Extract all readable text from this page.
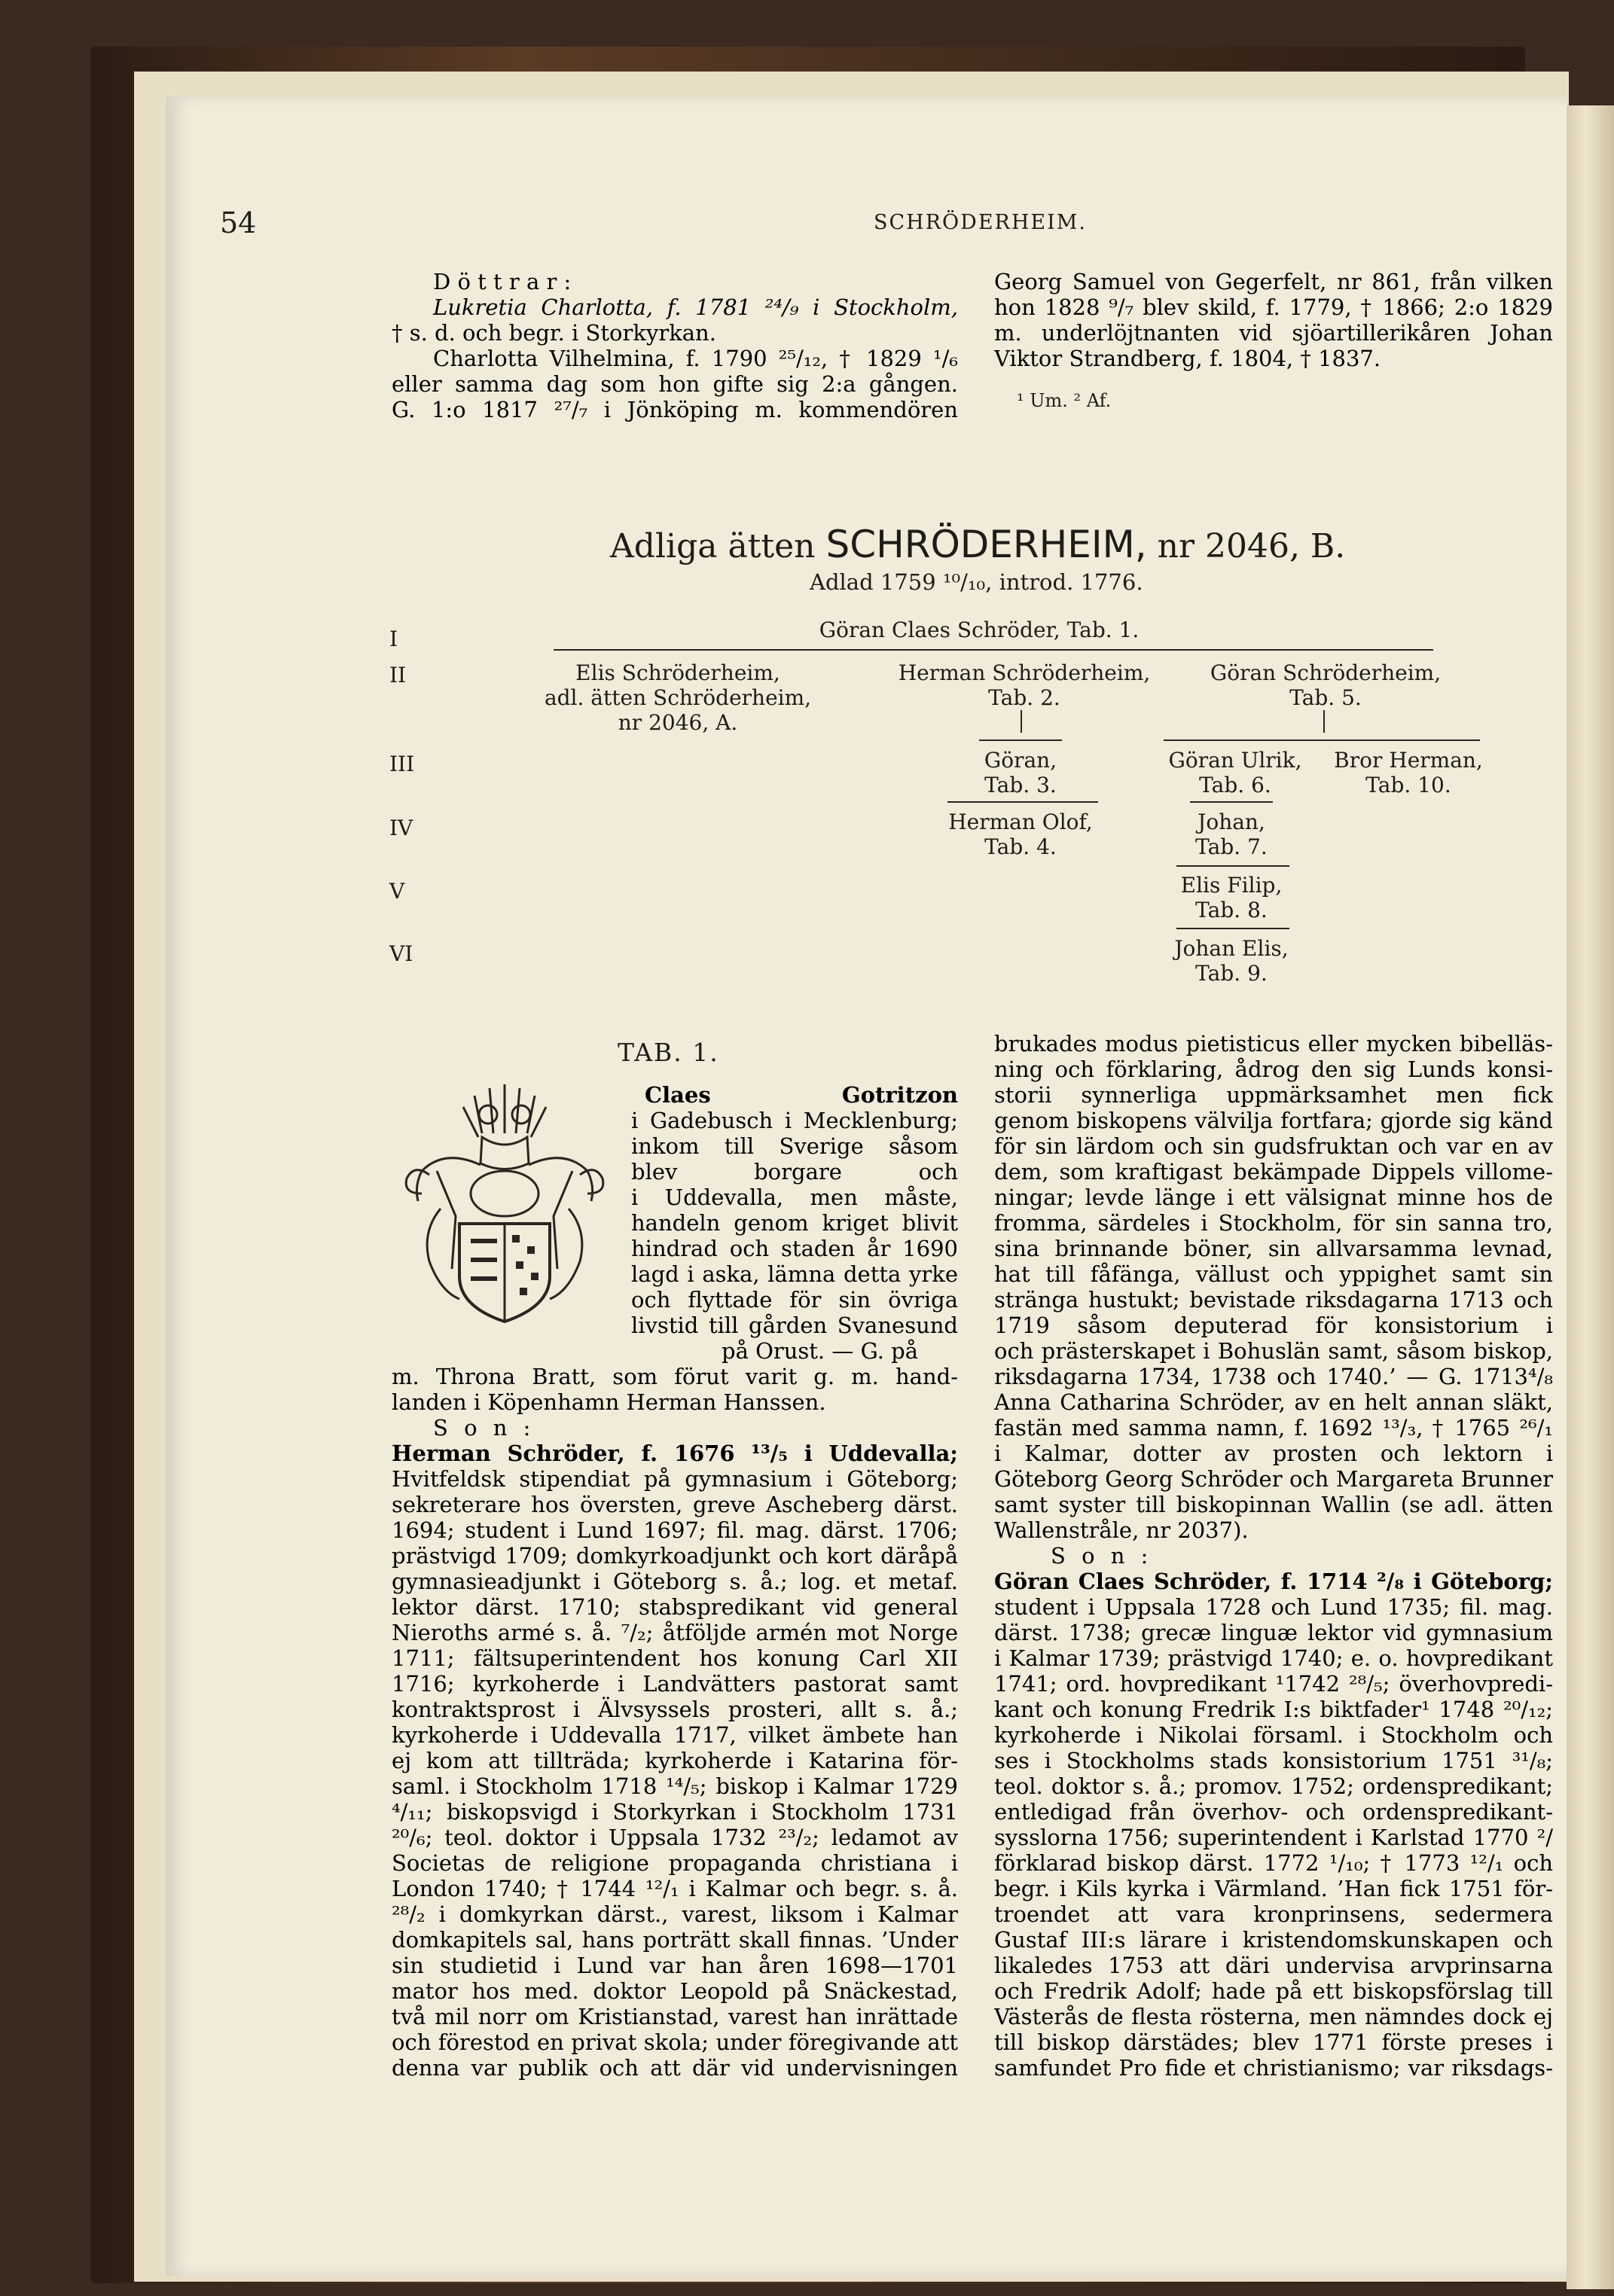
54	SCHRÖDERHEIM.
D ö t t r a r :
Lukretia Charlotta, f. 1781 ²⁴/₉ i Stockholm,
† s. d. och begr. i Storkyrkan.
Charlotta Vilhelmina, f. 1790 ²⁵/₁₂, † 1829 ¹/₆
eller samma dag som hon gifte sig 2:a gången.
G. 1:o 1817 ²⁷/₇ i Jönköping m. kommendören
Georg Samuel von Gegerfelt, nr 861, från vilken
hon 1828 ⁹/₇ blev skild, f. 1779, † 1866; 2:o 1829
m. underlöjtnanten vid sjöartillerikåren Johan
Viktor Strandberg, f. 1804, † 1837.
¹ Um. ² Af.
Adliga ätten SCHRÖDERHEIM, nr 2046, B.
Adlad 1759 ¹⁰/₁₀, introd. 1776.
I
II
III
IV
V
VI
Göran Claes Schröder, Tab. 1.
Elis Schröderheim,
adl. ätten Schröderheim,
nr 2046, A.
Herman Schröderheim,
Tab. 2.
Göran Schröderheim,
Tab. 5.
Göran,
Tab. 3.
Göran Ulrik,
Tab. 6.
Bror Herman,
Tab. 10.
Herman Olof,
Tab. 4.
Johan,
Tab. 7.
Elis Filip,
Tab. 8.
Johan Elis,
Tab. 9.
TAB. 1.
Claes Gotritzon
i Gadebusch i Mecklenburg;
inkom till Sverige såsom
blev borgare och
i Uddevalla, men måste,
handeln genom kriget blivit
hindrad och staden år 1690
lagd i aska, lämna detta yrke
och flyttade för sin övriga
livstid till gården Svanesund
på Orust. — G. på
m. Throna Bratt, som förut varit g. m. hand-
landen i Köpenhamn Herman Hanssen.
S o n :
Herman Schröder, f. 1676 ¹³/₅ i Uddevalla;
Hvitfeldsk stipendiat på gymnasium i Göteborg;
sekreterare hos översten, greve Ascheberg därst.
1694; student i Lund 1697; fil. mag. därst. 1706;
prästvigd 1709; domkyrkoadjunkt och kort däråpå
gymnasieadjunkt i Göteborg s. å.; log. et metaf.
lektor därst. 1710; stabspredikant vid general
Nieroths armé s. å. ⁷/₂; åtföljde armén mot Norge
1711; fältsuperintendent hos konung Carl XII
1716; kyrkoherde i Landvätters pastorat samt
kontraktsprost i Älvsyssels prosteri, allt s. å.;
kyrkoherde i Uddevalla 1717, vilket ämbete han
ej kom att tillträda; kyrkoherde i Katarina för-
saml. i Stockholm 1718 ¹⁴/₅; biskop i Kalmar 1729
⁴/₁₁; biskopsvigd i Storkyrkan i Stockholm 1731
²⁰/₆; teol. doktor i Uppsala 1732 ²³/₂; ledamot av
Societas de religione propaganda christiana i
London 1740; † 1744 ¹²/₁ i Kalmar och begr. s. å.
²⁸/₂ i domkyrkan därst., varest, liksom i Kalmar
domkapitels sal, hans porträtt skall finnas. ’Under
sin studietid i Lund var han åren 1698—1701
mator hos med. doktor Leopold på Snäckestad,
två mil norr om Kristianstad, varest han inrättade
och förestod en privat skola; under föregivande att
denna var publik och att där vid undervisningen
brukades modus pietisticus eller mycken bibelläs-
ning och förklaring, ådrog den sig Lunds konsi-
storii synnerliga uppmärksamhet men fick
genom biskopens välvilja fortfara; gjorde sig känd
för sin lärdom och sin gudsfruktan och var en av
dem, som kraftigast bekämpade Dippels villome-
ningar; levde länge i ett välsignat minne hos de
fromma, särdeles i Stockholm, för sin sanna tro,
sina brinnande böner, sin allvarsamma levnad,
hat till fåfänga, vällust och yppighet samt sin
stränga hustukt; bevistade riksdagarna 1713 och
1719 såsom deputerad för konsistorium i
och prästerskapet i Bohuslän samt, såsom biskop,
riksdagarna 1734, 1738 och 1740.’ — G. 1713⁴/₈
Anna Catharina Schröder, av en helt annan släkt,
fastän med samma namn, f. 1692 ¹³/₃, † 1765 ²⁶/₁
i Kalmar, dotter av prosten och lektorn i
Göteborg Georg Schröder och Margareta Brunner
samt syster till biskopinnan Wallin (se adl. ätten
Wallenstråle, nr 2037).
S o n :
Göran Claes Schröder, f. 1714 ²/₈ i Göteborg;
student i Uppsala 1728 och Lund 1735; fil. mag.
därst. 1738; grecæ linguæ lektor vid gymnasium
i Kalmar 1739; prästvigd 1740; e. o. hovpredikant
1741; ord. hovpredikant ¹1742 ²⁸/₅; överhovpredi-
kant och konung Fredrik I:s biktfader¹ 1748 ²⁰/₁₂;
kyrkoherde i Nikolai församl. i Stockholm och
ses i Stockholms stads konsistorium 1751 ³¹/₈;
teol. doktor s. å.; promov. 1752; ordenspredikant;
entledigad från överhov- och ordenspredikant-
sysslorna 1756; superintendent i Karlstad 1770 ²/
förklarad biskop därst. 1772 ¹/₁₀; † 1773 ¹²/₁ och
begr. i Kils kyrka i Värmland. ’Han fick 1751 för-
troendet att vara kronprinsens, sedermera
Gustaf III:s lärare i kristendomskunskapen och
likaledes 1753 att däri undervisa arvprinsarna
och Fredrik Adolf; hade på ett biskopsförslag till
Västerås de flesta rösterna, men nämndes dock ej
till biskop därstädes; blev 1771 förste preses i
samfundet Pro fide et christianismo; var riksdags-
